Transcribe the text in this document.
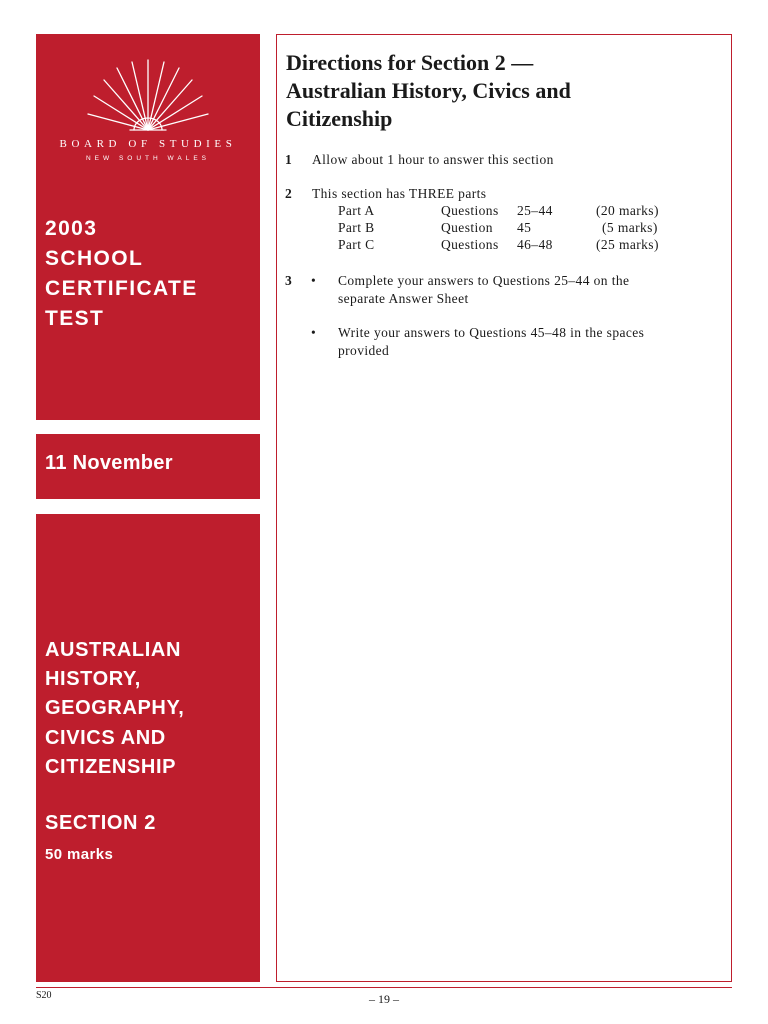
BOARD OF STUDIES
NEW SOUTH WALES
2003
SCHOOL
CERTIFICATE
TEST
11 November
AUSTRALIAN
HISTORY,
GEOGRAPHY,
CIVICS AND
CITIZENSHIP
SECTION 2
50 marks
Directions for Section 2 —
Australian History, Civics and
Citizenship
1 Allow about 1 hour to answer this section
2 This section has THREE parts
Part A	Questions 25–44	(20 marks)
Part B	Question 45	(5 marks)
Part C	Questions 46–48	(25 marks)
3 • Complete your answers to Questions 25–44 on the
separate Answer Sheet
• Write your answers to Questions 45–48 in the spaces
provided
S20	– 19 –
